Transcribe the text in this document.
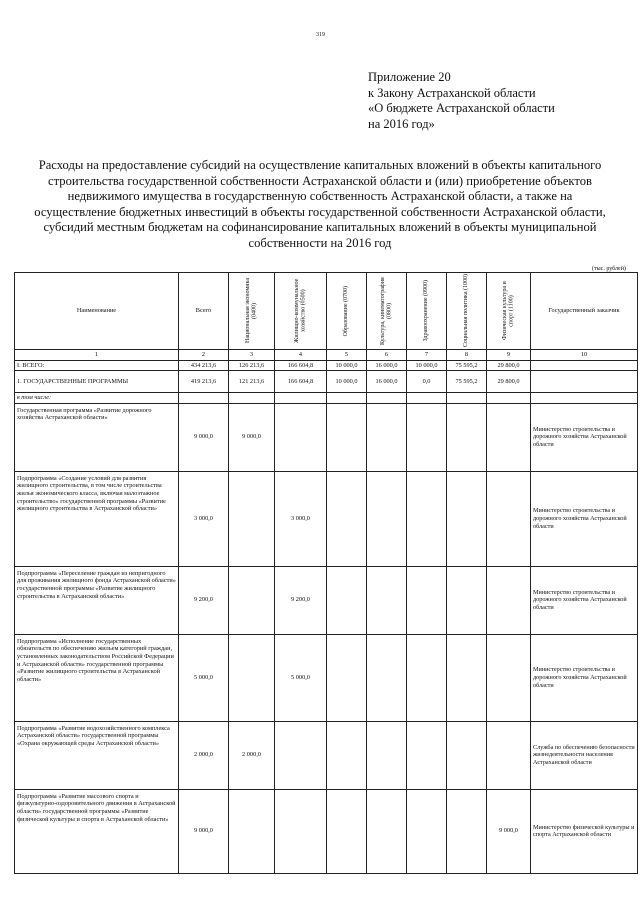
319
Приложение 20
к Закону Астраханской области
«О бюджете Астраханской области
на 2016 год»
Расходы на предоставление субсидий на осуществление капитальных вложений в объекты капитального
строительства государственной собственности Астраханской области и (или) приобретение объектов
недвижимого имущества в государственную собственность Астраханской области, а также на
осуществление бюджетных инвестиций в объекты государственной собственности Астраханской области,
субсидий местным бюджетам на софинансирование капитальных вложений в объекты муниципальной
собственности на 2016 год
(тыс. рублей)
Наименование	Всего	Национальная экономика (0400)	Жилищно-коммунальное хозяйство (0500)	Образование (0700)	Культура, кинематография (0800)	Здравоохранение (0900)	Социальная политика (1000)	Физическая культура и спорт (1100)	Государственный заказчик
1	2	3	4	5	6	7	8	9	10
I. ВСЕГО:	434 213,6	126 213,6	166 604,8	10 000,0	16 000,0	10 000,0	75 595,2	29 800,0	
1. ГОСУДАРСТВЕННЫЕ ПРОГРАММЫ	419 213,6	121 213,6	166 604,8	10 000,0	16 000,0	0,0	75 595,2	29 800,0	
в том числе:									
Государственная программа «Развитие дорожного хозяйства Астраханской области»	9 000,0	9 000,0							Министерство строительства и дорожного хозяйства Астраханской области
Подпрограмма «Создание условий для развития жилищного строительства, в том числе строительства жилья экономического класса, включая малоэтажное строительство» государственной программы «Развитие жилищного строительства в Астраханской области»	3 000,0		3 000,0						Министерство строительства и дорожного хозяйства Астраханской области
Подпрограмма «Переселение граждан из непригодного для проживания жилищного фонда Астраханской области» государственной программы «Развитие жилищного строительства в Астраханской области»	9 200,0		9 200,0						Министерство строительства и дорожного хозяйства Астраханской области
Подпрограмма «Исполнение государственных обязательств по обеспечению жильем категорий граждан, установленных законодательством Российской Федерации и Астраханской области» государственной программы «Развитие жилищного строительства в Астраханской области»	5 000,0		5 000,0						Министерство строительства и дорожного хозяйства Астраханской области
Подпрограмма «Развитие водохозяйственного комплекса Астраханской области» государственной программы «Охрана окружающей среды Астраханской области»	2 000,0	2 000,0							Служба по обеспечению безопасности жизнедеятельности населения Астраханской области
Подпрограмма «Развитие массового спорта и физкультурно-оздоровительного движения в Астраханской области» государственной программы «Развитие физической культуры и спорта в Астраханской области»	9 000,0							9 000,0	Министерство физической культуры и спорта Астраханской области
